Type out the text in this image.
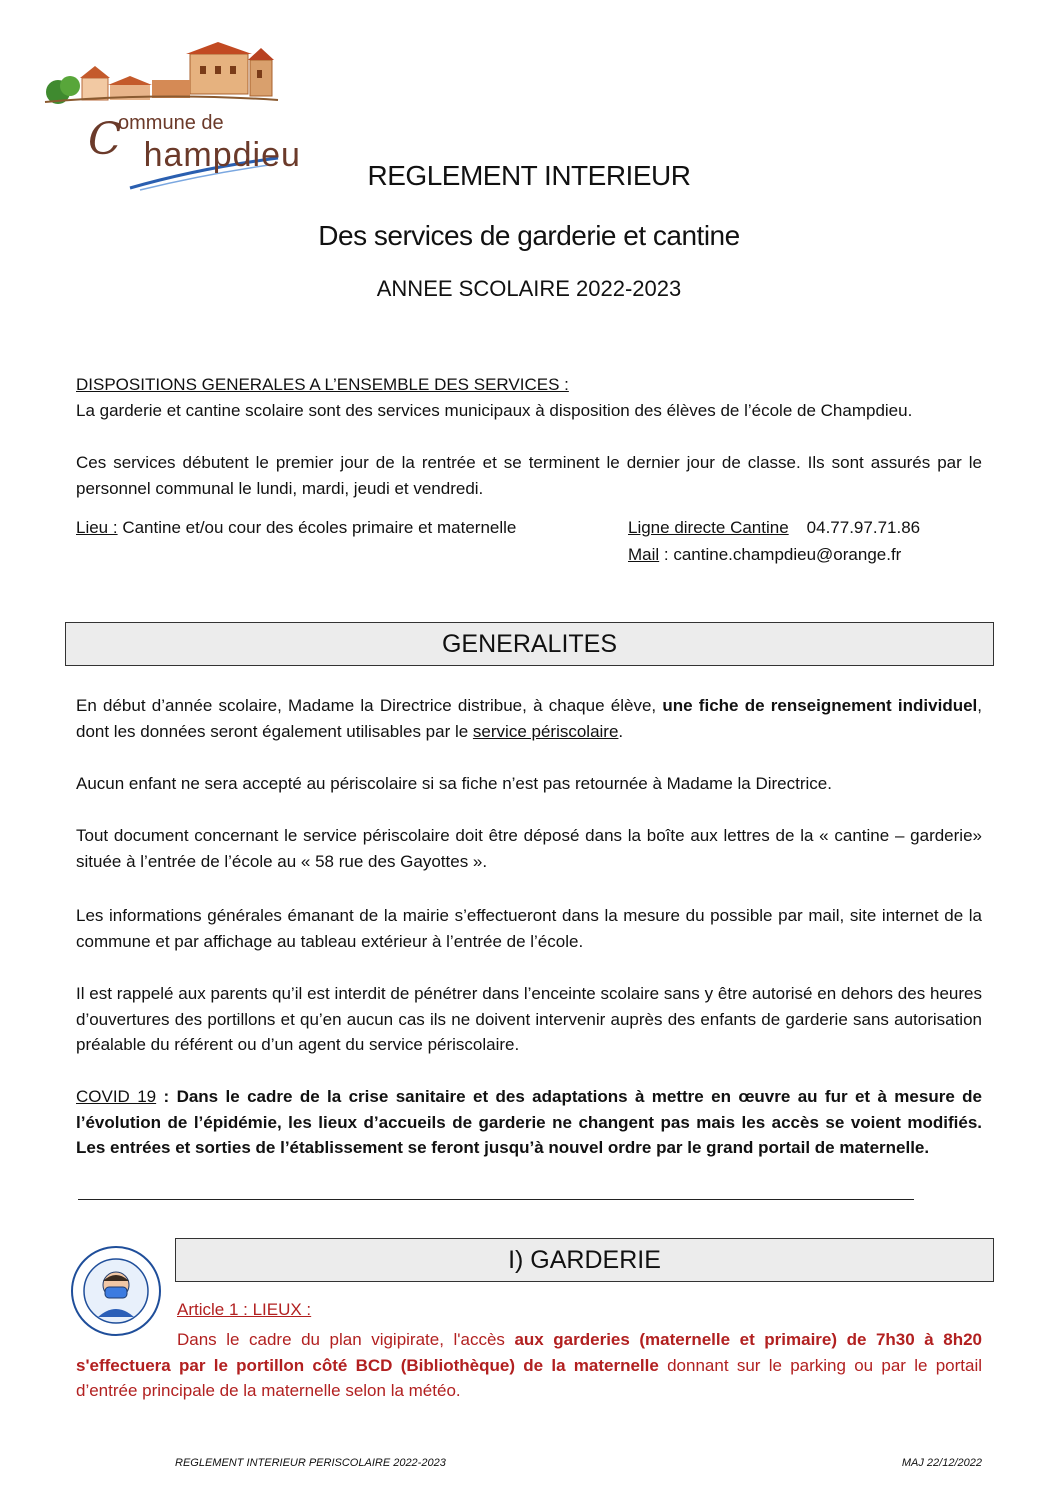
C
ommune de
hampdieu
REGLEMENT INTERIEUR
Des services de garderie et cantine
ANNEE SCOLAIRE 2022-2023
DISPOSITIONS GENERALES A L’ENSEMBLE DES SERVICES :
La garderie et cantine scolaire sont des services municipaux à disposition des élèves de l’école de Champdieu.
Ces services débutent le premier jour de la rentrée et se terminent le dernier jour de classe. Ils sont assurés par le personnel communal le lundi, mardi, jeudi et vendredi.
Lieu : Cantine et/ou cour des écoles primaire et maternelle	Ligne directe Cantine 04.77.97.71.86
Mail : cantine.champdieu@orange.fr
GENERALITES
En début d’année scolaire, Madame la Directrice distribue, à chaque élève, une fiche de renseignement individuel, dont les données seront également utilisables par le service périscolaire.
Aucun enfant ne sera accepté au périscolaire si sa fiche n’est pas retournée à Madame la Directrice.
Tout document concernant le service périscolaire doit être déposé dans la boîte aux lettres de la « cantine – garderie» située à l’entrée de l’école au « 58 rue des Gayottes ».
Les informations générales émanant de la mairie s’effectueront dans la mesure du possible par mail, site internet de la commune et par affichage au tableau extérieur à l’entrée de l’école.
Il est rappelé aux parents qu’il est interdit de pénétrer dans l’enceinte scolaire sans y être autorisé en dehors des heures d’ouvertures des portillons et qu’en aucun cas ils ne doivent intervenir auprès des enfants de garderie sans autorisation préalable du référent ou d’un agent du service périscolaire.
COVID 19 : Dans le cadre de la crise sanitaire et des adaptations à mettre en œuvre au fur et à mesure de l’évolution de l’épidémie, les lieux d’accueils de garderie ne changent pas mais les accès se voient modifiés. Les entrées et sorties de l’établissement se feront jusqu’à nouvel ordre par le grand portail de maternelle.
I) GARDERIE
Article 1 : LIEUX :
Dans le cadre du plan vigipirate, l'accès aux garderies (maternelle et primaire) de 7h30 à 8h20 s'effectuera par le portillon côté BCD (Bibliothèque) de la maternelle donnant sur le parking ou par le portail d’entrée principale de la maternelle selon la météo.
REGLEMENT INTERIEUR PERISCOLAIRE 2022-2023	MAJ 22/12/2022
